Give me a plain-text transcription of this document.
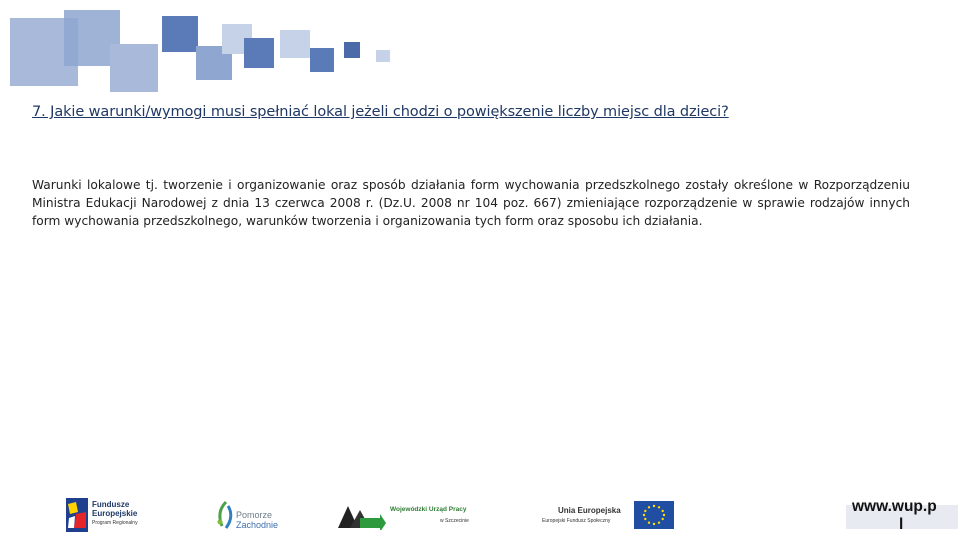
7. Jakie warunki/wymogi musi spełniać lokal jeżeli chodzi o powiększenie liczby miejsc dla dzieci?

Warunki lokalowe tj. tworzenie i organizowanie oraz sposób działania form wychowania przedszkolnego zostały określone w Rozporządzeniu Ministra Edukacji Narodowej z dnia 13 czerwca 2008 r. (Dz.U. 2008 nr 104 poz. 667) zmieniające rozporządzenie w sprawie rodzajów innych form wychowania przedszkolnego, warunków tworzenia i organizowania tych form oraz sposobu ich działania.

Fundusze
Europejskie
Program Regionalny
Pomorze
Zachodnie
Wojewódzki Urząd Pracy
w Szczecinie
Unia Europejska
Europejski Fundusz Społeczny
www.wup.p
l
